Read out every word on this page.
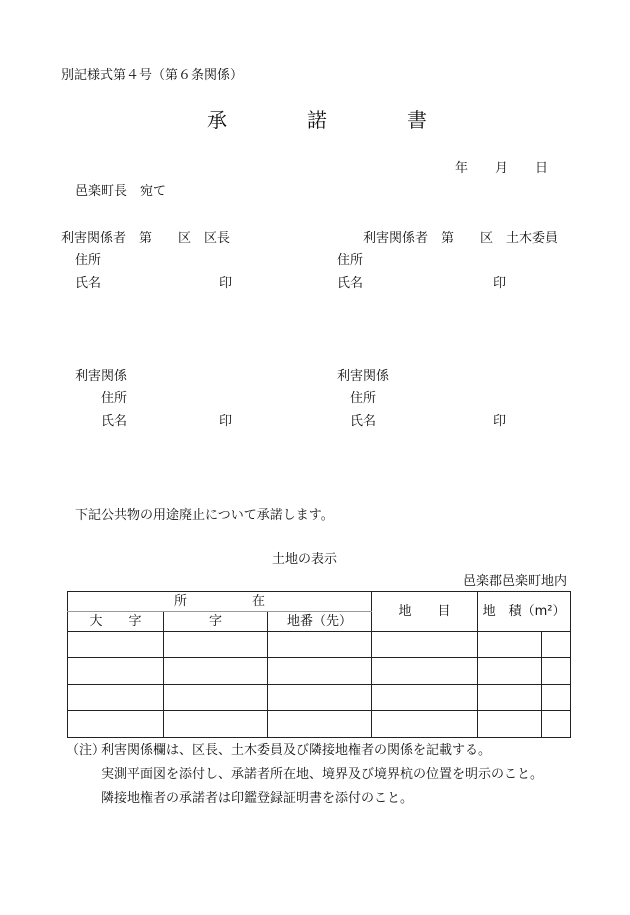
別記様式第４号（第６条関係）
承	諾	書
年 月 日
邑楽町長　宛て
利害関係者　第　　区　区長
住所
氏名	印
利害関係者　第　　区　土木委員
住所
氏名	印
利害関係
住所
氏名	印
利害関係
住所
氏名	印
下記公共物の用途廃止について承諾します。
土地の表示
邑楽郡邑楽町地内
所　　　　　在			地　　目	地　積（m²）	
大　　字	字	地番（先）			

（注）
利害関係欄は、区長、土木委員及び隣接地権者の関係を記載する。
実測平面図を添付し、承諾者所在地、境界及び境界杭の位置を明示のこと。
隣接地権者の承諾者は印鑑登録証明書を添付のこと。
